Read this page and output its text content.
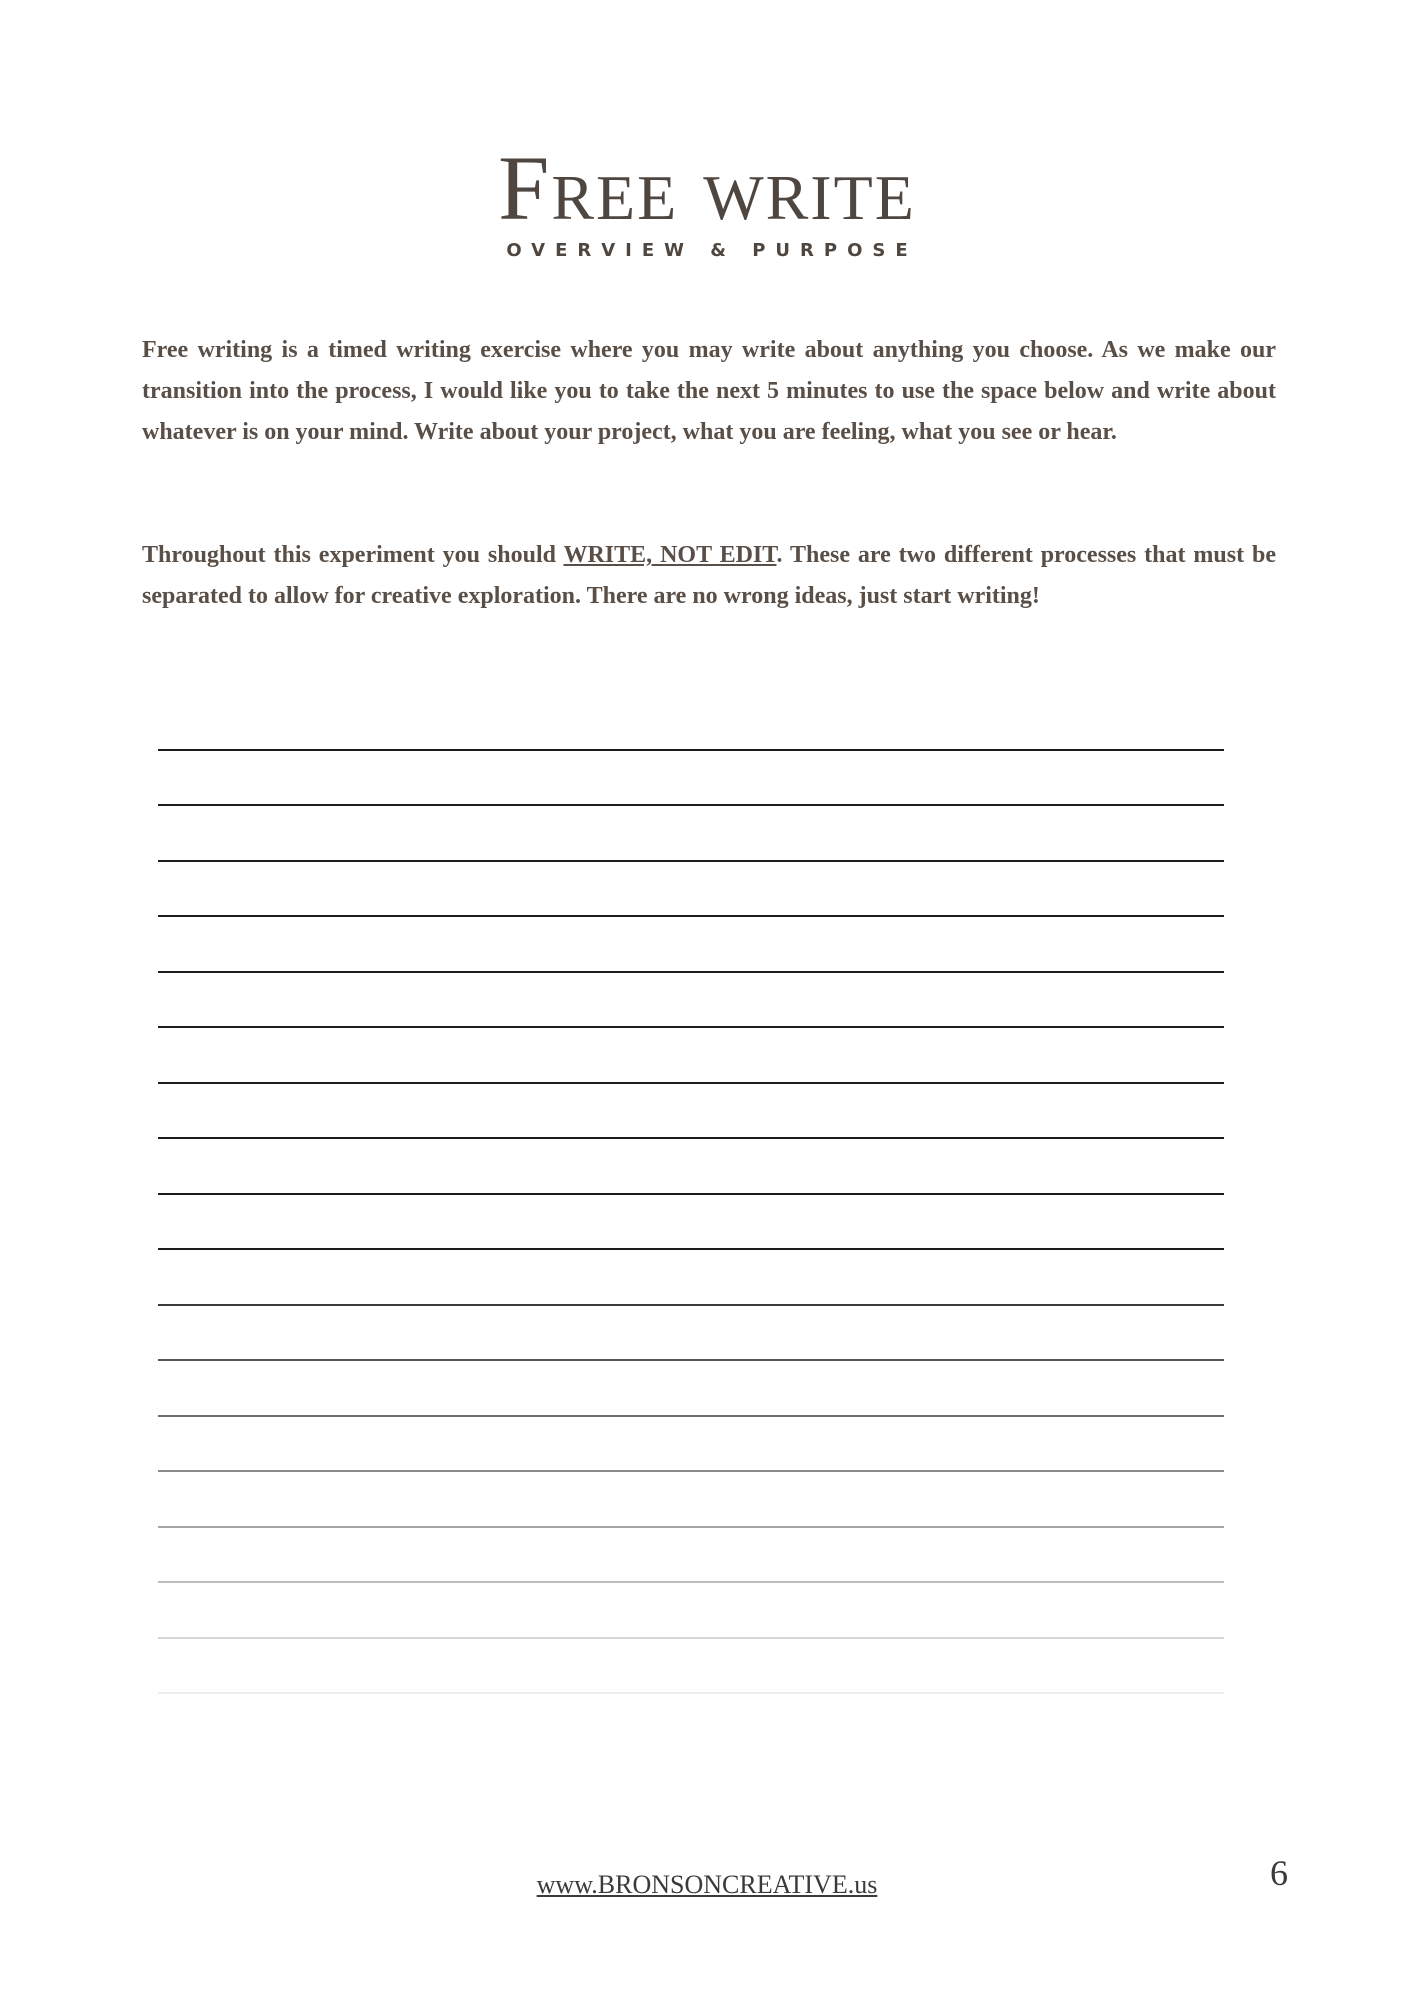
Free write
OVERVIEW & PURPOSE

Free writing is a timed writing exercise where you may write about anything you choose. As we make our transition into the process, I would like you to take the next 5 minutes to use the space below and write about whatever is on your mind. Write about your project, what you are feeling, what you see or hear.

Throughout this experiment you should WRITE, NOT EDIT. These are two different processes that must be separated to allow for creative exploration. There are no wrong ideas, just start writing!

www.BRONSONCREATIVE.us	6
